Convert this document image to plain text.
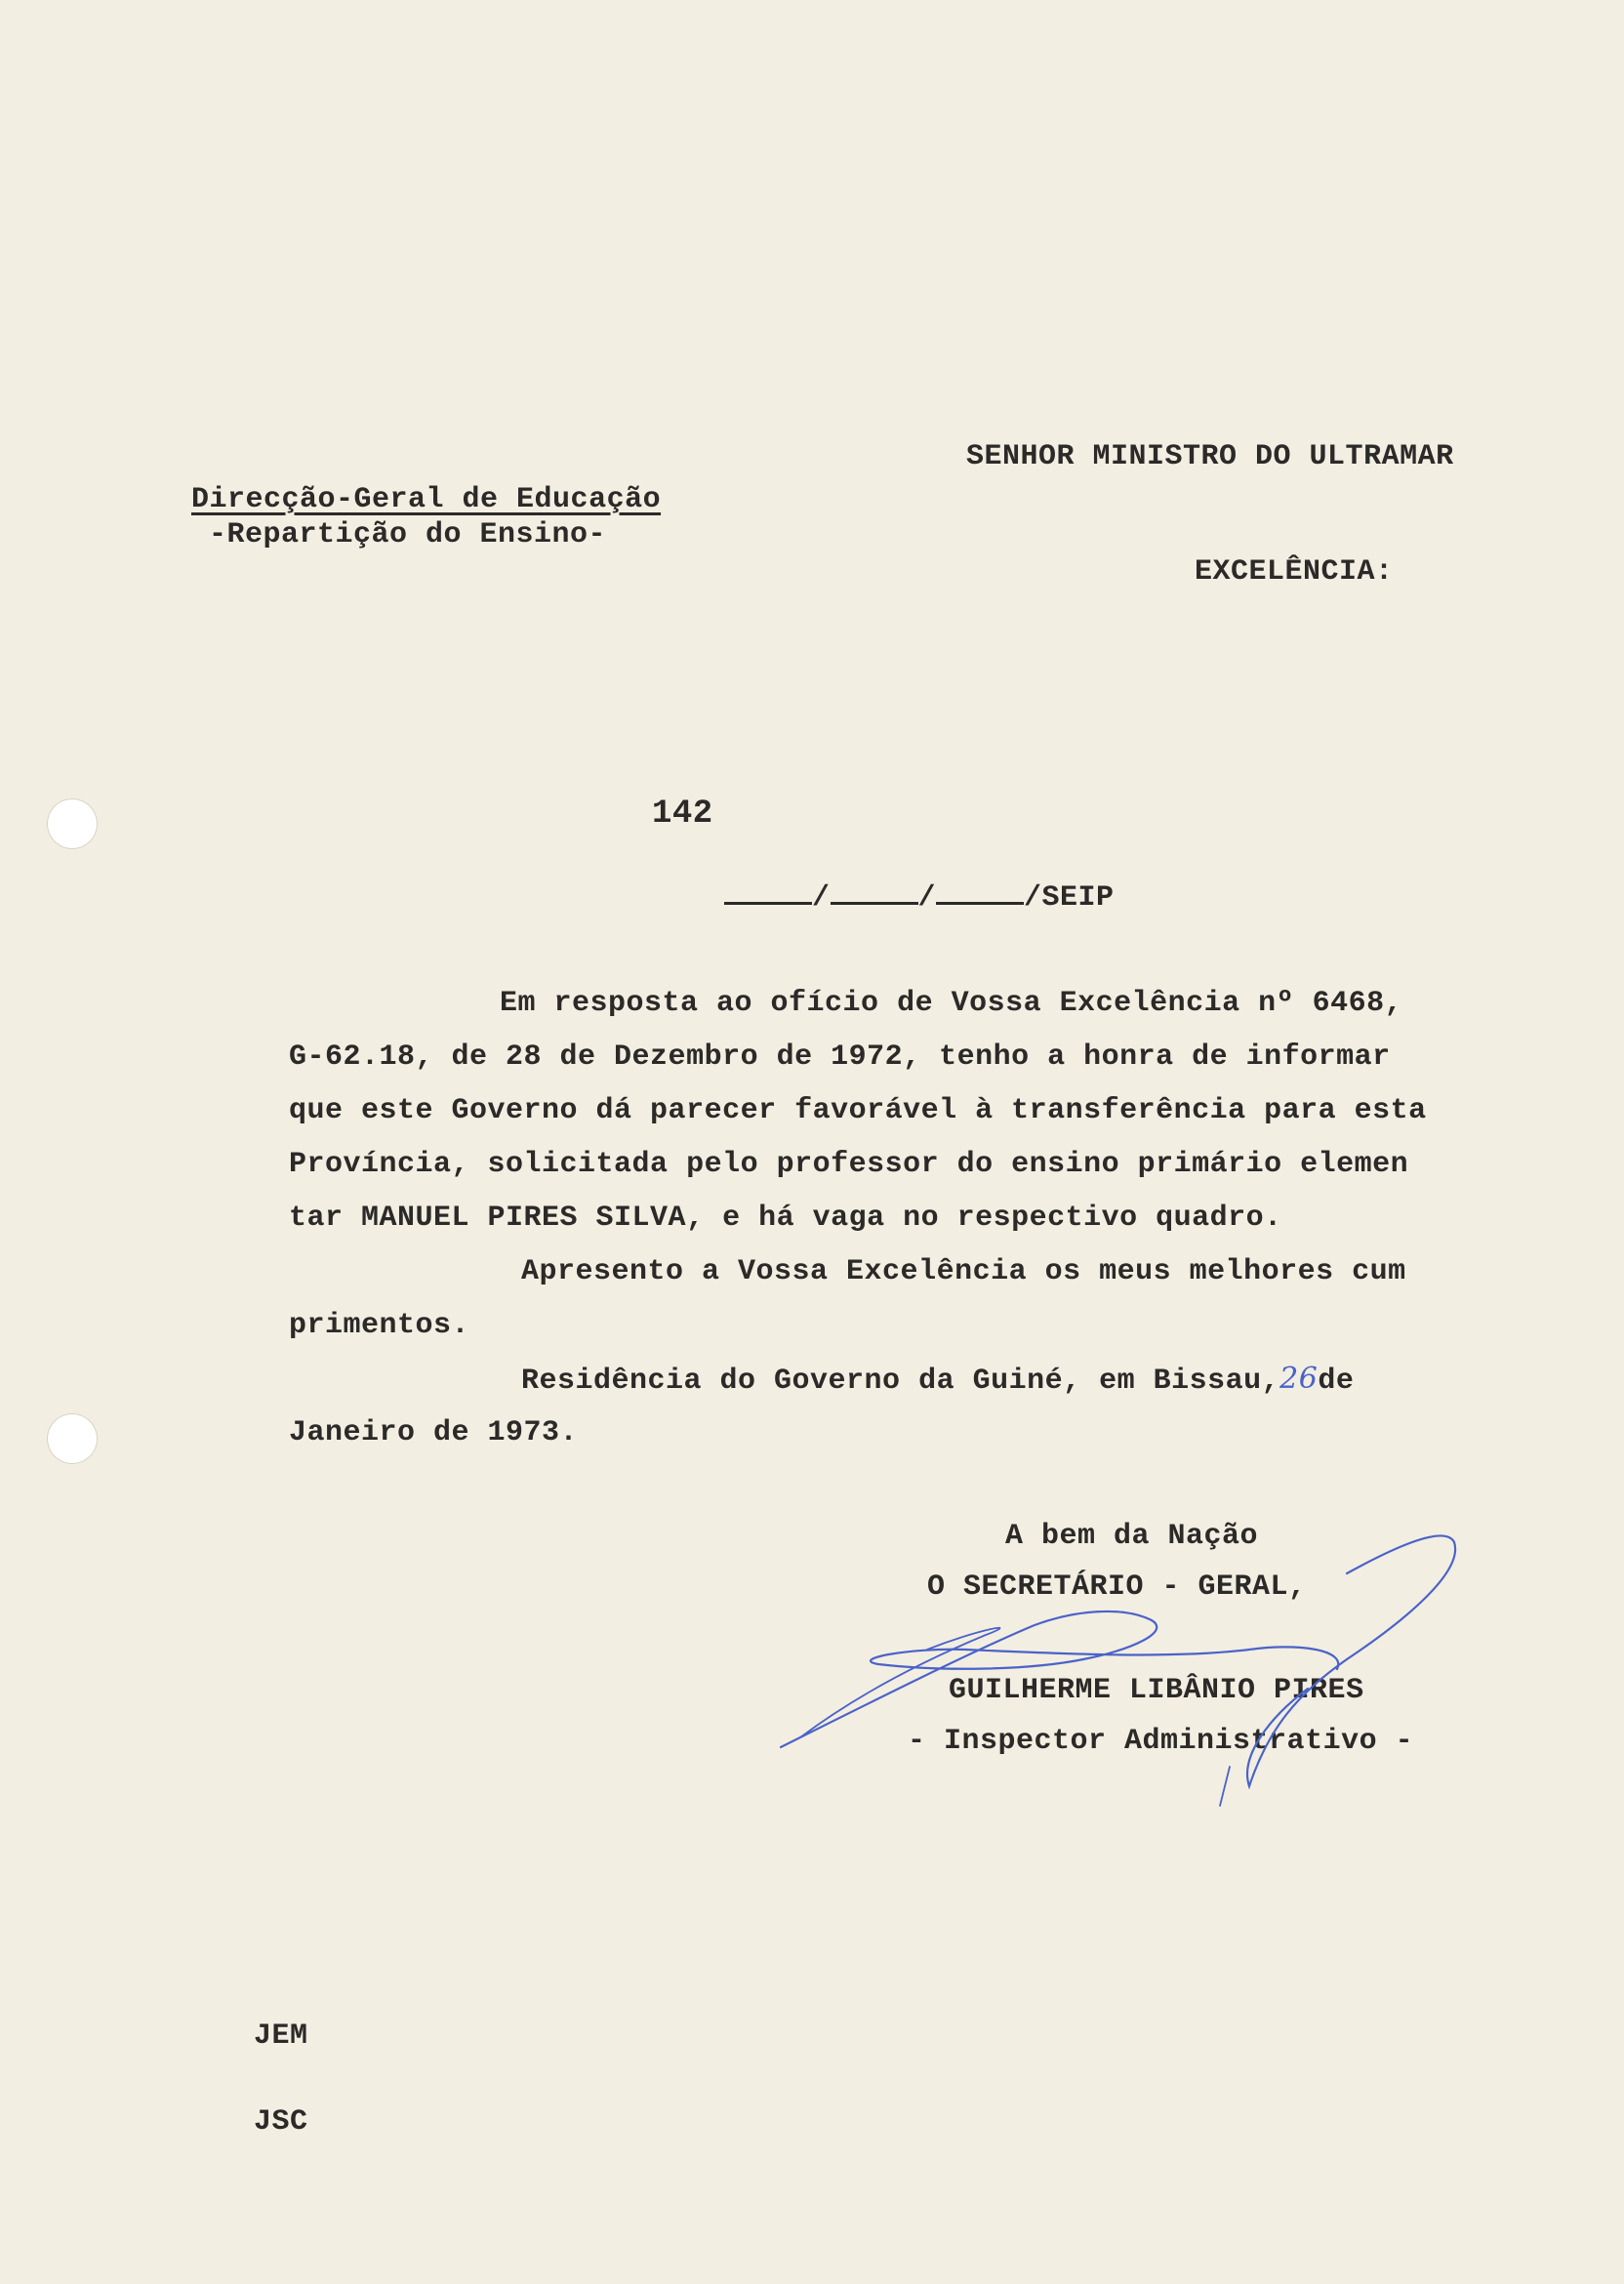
SENHOR MINISTRO DO ULTRAMAR
Direcção-Geral de Educação
-Repartição do Ensino-
EXCELÊNCIA:

142

/	/	/SEIP

Em resposta ao ofício de Vossa Excelência nº 6468,
G-62.18, de 28 de Dezembro de 1972, tenho a honra de informar
que este Governo dá parecer favorável à transferência para esta
Província, solicitada pelo professor do ensino primário elemen
tar MANUEL PIRES SILVA, e há vaga no respectivo quadro.
Apresento a Vossa Excelência os meus melhores cum
primentos.
Residência do Governo da Guiné, em Bissau,26de
Janeiro de 1973.
A bem da Nação
O SECRETÁRIO - GERAL,
GUILHERME LIBÂNIO PIRES
- Inspector Administrativo -
JEM
JSC
